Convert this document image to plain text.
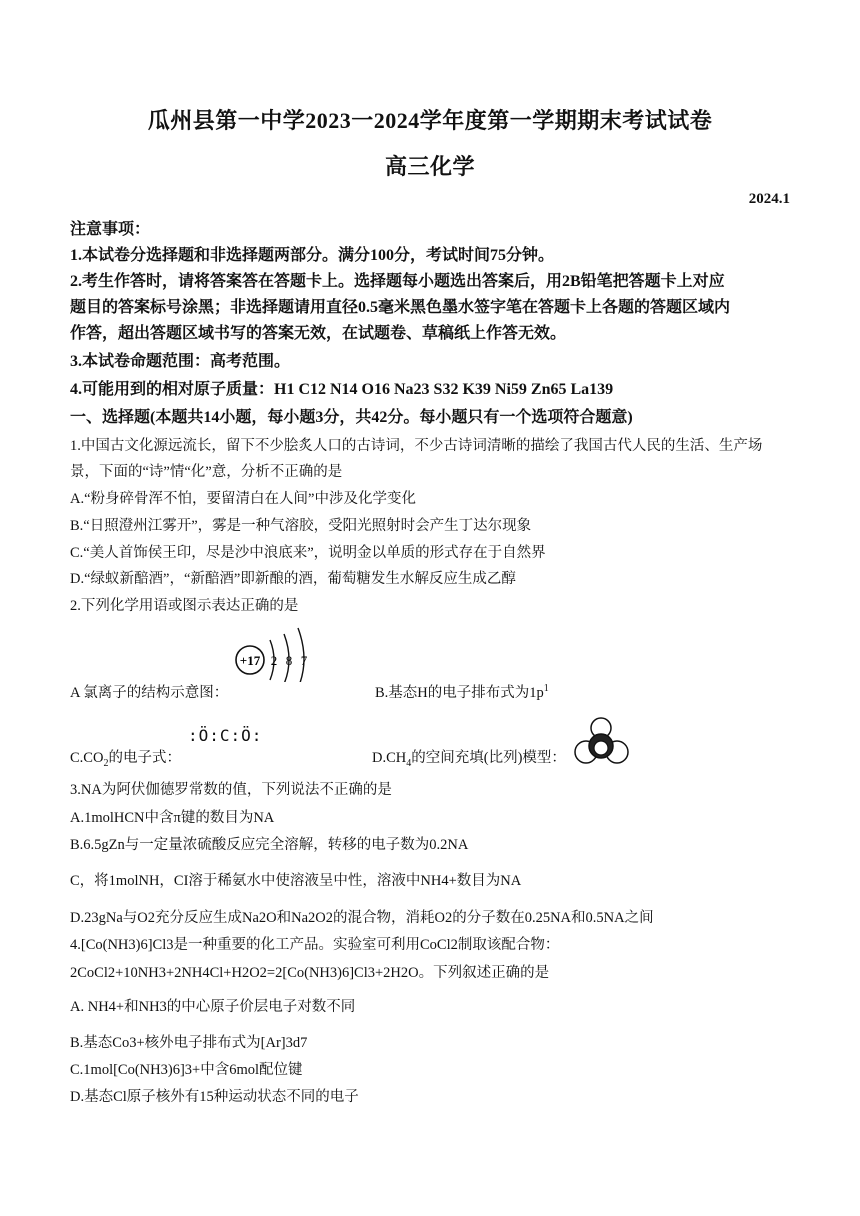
瓜州县第一中学2023一2024学年度第一学期期末考试试卷
高三化学
2024.1
注意事项：
1.本试卷分选择题和非选择题两部分。满分100分，考试时间75分钟。
2.考生作答时，请将答案答在答题卡上。选择题每小题选出答案后，用2B铅笔把答题卡上对应
题目的答案标号涂黑；非选择题请用直径0.5毫米黑色墨水签字笔在答题卡上各题的答题区域内
作答，超出答题区域书写的答案无效，在试题卷、草稿纸上作答无效。
3.本试卷命题范围：高考范围。
4.可能用到的相对原子质量：H1 C12 N14 O16 Na23 S32 K39 Ni59 Zn65 La139
一、选择题(本题共14小题，每小题3分，共42分。每小题只有一个选项符合题意)
1.中国古文化源远流长，留下不少脍炙人口的古诗词，不少古诗词清晰的描绘了我国古代人民的生活、生产场
景，下面的“诗”情“化”意，分析不正确的是
A.“粉身碎骨浑不怕，要留清白在人间”中涉及化学变化
B.“日照澄州江雾开”，雾是一种气溶胶，受阳光照射时会产生丁达尔现象
C.“美人首饰侯王印，尽是沙中浪底来”，说明金以单质的形式存在于自然界
D.“绿蚁新醅酒”，“新醅酒”即新酿的酒，葡萄糖发生水解反应生成乙醇
2.下列化学用语或图示表达正确的是
+17 2 8 7
A 氯离子的结构示意图：	B.基态H的电子排布式为$1p^1$
$C.CO_2$的电子式：
:Ö:C:Ö:
$D.CH_4$的空间充填(比列)模型：
3.NA为阿伏伽德罗常数的值，下列说法不正确的是
A.1molHCN中含π键的数目为NA
B.6.5gZn与一定量浓硫酸反应完全溶解，转移的电子数为0.2NA
C，将1molNH，CI溶于稀氨水中使溶液呈中性，溶液中NH4+数目为NA
D.23gNa与O2充分反应生成Na2O和Na2O2的混合物，消耗O2的分子数在0.25NA和0.5NA之间
4.[Co(NH3)6]Cl3是一种重要的化工产品。实验室可利用CoCl2制取该配合物：
2CoCl2+10NH3+2NH4Cl+H2O2=2[Co(NH3)6]Cl3+2H2O。下列叙述正确的是
A. NH4+和NH3的中心原子价层电子对数不同
B.基态Co3+核外电子排布式为[Ar]3d7
C.1mol[Co(NH3)6]3+中含6mol配位键
D.基态Cl原子核外有15种运动状态不同的电子
